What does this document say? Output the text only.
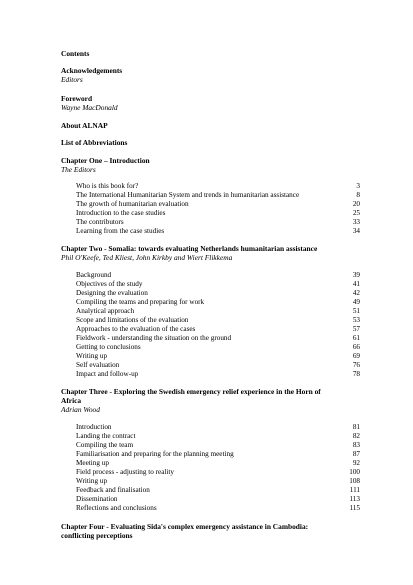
Contents
Acknowledgements
Editors
Foreword
Wayne MacDonald
About ALNAP
List of Abbreviations
Chapter One – Introduction
The Editors
Who is this book for?	3
The International Humanitarian System and trends in humanitarian assistance	8
The growth of humanitarian evaluation	20
Introduction to the case studies	25
The contributors	33
Learning from the case studies	34
Chapter Two - Somalia: towards evaluating Netherlands humanitarian assistance
Phil O'Keefe, Ted Kliest, John Kirkby and Wiert Flikkema
Background	39
Objectives of the study	41
Designing the evaluation	42
Compiling the teams and preparing for work	49
Analytical approach	51
Scope and limitations of the evaluation	53
Approaches to the evaluation of the cases	57
Fieldwork - understanding the situation on the ground	61
Getting to conclusions	66
Writing up	69
Self evaluation	76
Impact and follow-up	78
Chapter Three - Exploring the Swedish emergency relief experience in the Horn of
Africa
Adrian Wood
Introduction	81
Landing the contract	82
Compiling the team	83
Familiarisation and preparing for the planning meeting	87
Meeting up	92
Field process - adjusting to reality	100
Writing up	108
Feedback and finalisation	111
Dissemination	113
Reflections and conclusions	115
Chapter Four - Evaluating Sida's complex emergency assistance in Cambodia:
conflicting perceptions
